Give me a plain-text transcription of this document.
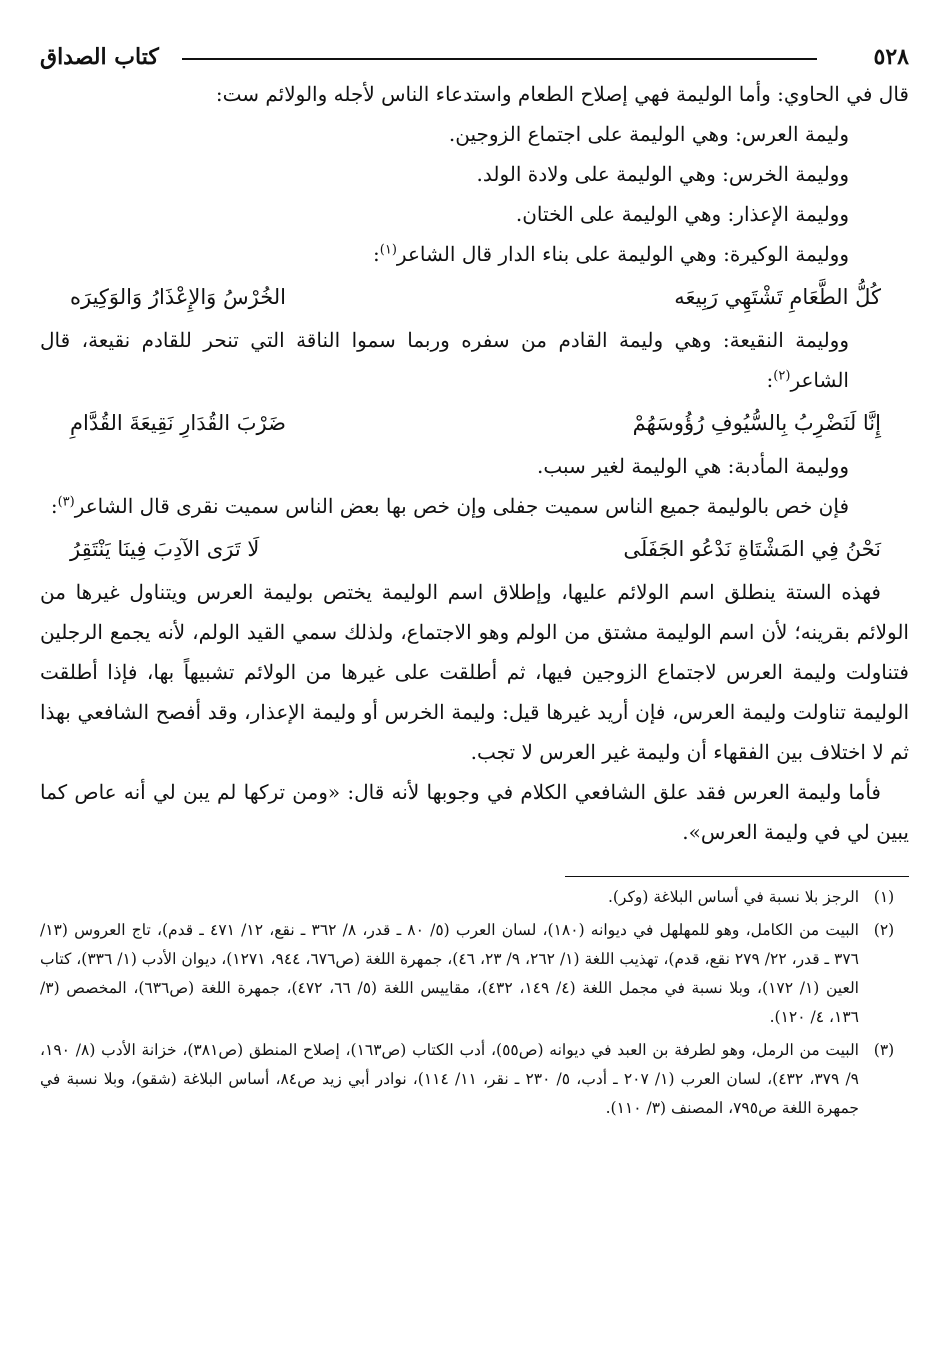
٥٢٨
كتاب الصداق

قال في الحاوي: وأما الوليمة فهي إصلاح الطعام واستدعاء الناس لأجله والولائم ست:

وليمة العرس: وهي الوليمة على اجتماع الزوجين.

ووليمة الخرس: وهي الوليمة على ولادة الولد.

ووليمة الإعذار: وهي الوليمة على الختان.

ووليمة الوكيرة: وهي الوليمة على بناء الدار قال الشاعر$^{(١)}$:

كُلُّ الطَّعَامِ تَشْتَهِي رَبِيعَه
الخُرْسُ وَالإِعْذَارُ وَالوَكِيرَه

ووليمة النقيعة: وهي وليمة القادم من سفره وربما سموا الناقة التي تنحر للقادم نقيعة، قال الشاعر$^{(٢)}$:

إِنَّا لَنَضْرِبُ بِالسُّيُوفِ رُؤُوسَهُمْ
ضَرْبَ القُدَارِ نَقِيعَةَ القُدَّامِ

ووليمة المأدبة: هي الوليمة لغير سبب.

فإن خص بالوليمة جميع الناس سميت جفلى وإن خص بها بعض الناس سميت نقرى قال الشاعر$^{(٣)}$:

نَحْنُ فِي المَشْتَاةِ نَدْعُو الجَفَلَى
لَا تَرَى الآدِبَ فِينَا يَنْتَقِرُ

فهذه الستة ينطلق اسم الولائم عليها، وإطلاق اسم الوليمة يختص بوليمة العرس ويتناول غيرها من الولائم بقرينه؛ لأن اسم الوليمة مشتق من الولم وهو الاجتماع، ولذلك سمي القيد الولم، لأنه يجمع الرجلين فتناولت وليمة العرس لاجتماع الزوجين فيها، ثم أطلقت على غيرها من الولائم تشبيهاً بها، فإذا أطلقت الوليمة تناولت وليمة العرس، فإن أريد غيرها قيل: وليمة الخرس أو وليمة الإعذار، وقد أفصح الشافعي بهذا ثم لا اختلاف بين الفقهاء أن وليمة غير العرس لا تجب.

فأما وليمة العرس فقد علق الشافعي الكلام في وجوبها لأنه قال: «ومن تركها لم يبن لي أنه عاص كما يبين لي في وليمة العرس».

(١)
الرجز بلا نسبة في أساس البلاغة (وكر).
(٢)
البيت من الكامل، وهو للمهلهل في ديوانه (١٨٠)، لسان العرب (٥/ ٨٠ ـ قدر، ٨/ ٣٦٢ ـ نقع، ١٢/ ٤٧١ ـ قدم)، تاج العروس (١٣/ ٣٧٦ ـ قدر، ٢٢/ ٢٧٩ نقع، قدم)، تهذيب اللغة (١/ ٢٦٢، ٩/ ٢٣، ٤٦)، جمهرة اللغة (ص٦٧٦، ٩٤٤، ١٢٧١)، ديوان الأدب (١/ ٣٣٦)، كتاب العين (١/ ١٧٢)، وبلا نسبة في مجمل اللغة (٤/ ١٤٩، ٤٣٢)، مقاييس اللغة (٥/ ٦٦، ٤٧٢)، جمهرة اللغة (ص٦٣٦)، المخصص (٣/ ١٣٦، ٤/ ١٢٠).
(٣)
البيت من الرمل، وهو لطرفة بن العبد في ديوانه (ص٥٥)، أدب الكتاب (ص١٦٣)، إصلاح المنطق (ص٣٨١)، خزانة الأدب (٨/ ١٩٠، ٩/ ٣٧٩، ٤٣٢)، لسان العرب (١/ ٢٠٧ ـ أدب، ٥/ ٢٣٠ ـ نقر، ١١/ ١١٤)، نوادر أبي زيد ص٨٤، أساس البلاغة (شقو)، وبلا نسبة في جمهرة اللغة ص٧٩٥، المصنف (٣/ ١١٠).
